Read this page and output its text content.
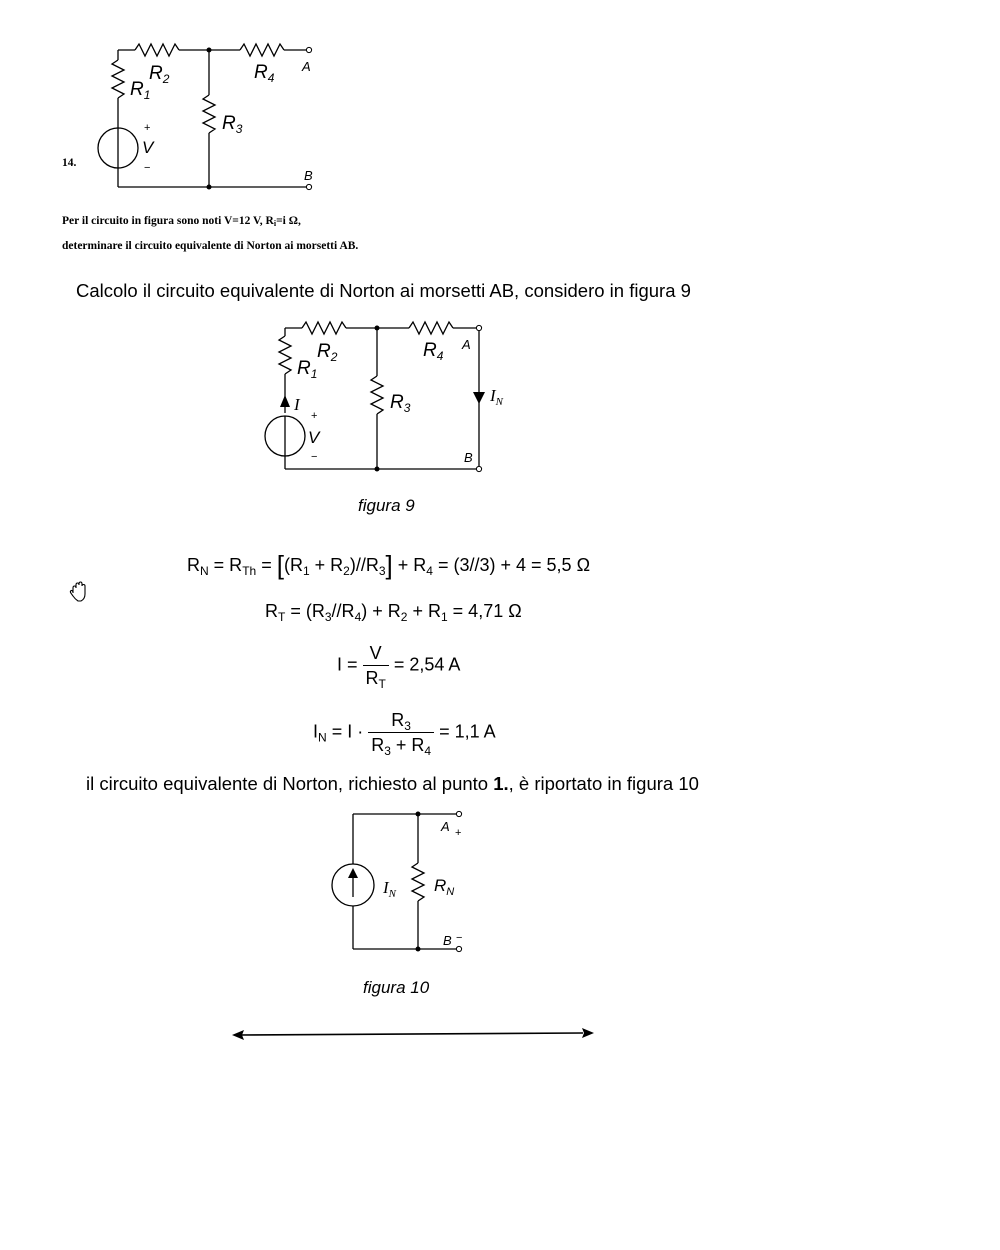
$R_2$	$R_4$
$R_1$
$R_3$
A
B
+
V
−
14.
Per il circuito in figura sono noti V=12 V, $R_i=i$ Ω,
determinare il circuito equivalente di Norton ai morsetti AB.
Calcolo il circuito equivalente di Norton ai morsetti AB, considero in figura 9
$R_2$	$R_4$
$R_1$
$R_3$
A
B
I
+
V
−
$I_N$
figura 9
$R_N = R_{Th} = [(R_1 + R_2)//R_3] + R_4 = (3//3) + 4 = 5,5$ Ω
$R_T = (R_3//R_4) + R_2 + R_1 = 4,71$ Ω
$I = \frac{V}{R_T} = 2,54$ A
$I_N = I \cdot \frac{R_3}{R_3 + R_4} = 1,1$ A
il circuito equivalente di Norton, richiesto al punto 1., è riportato in figura 10
A +
B −
$I_N$ $R_N$
figura 10
